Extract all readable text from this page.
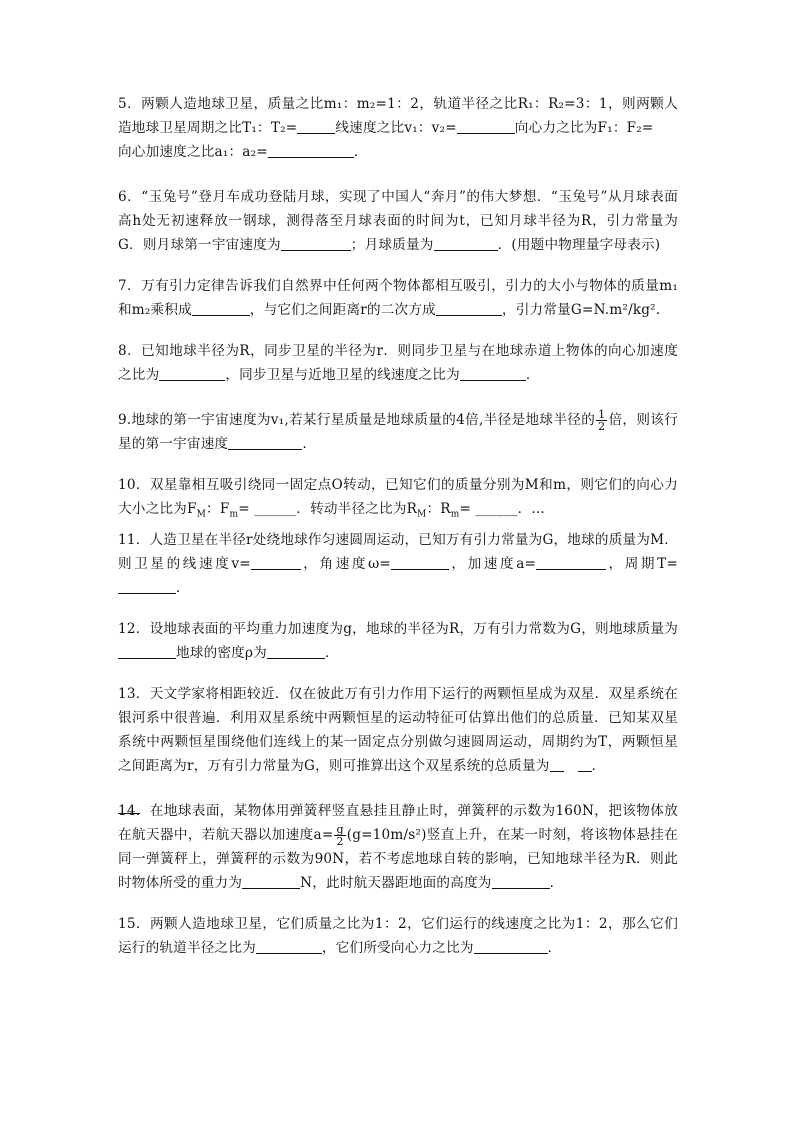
5．两颗人造地球卫星，质量之比m₁：m₂=1：2，轨道半径之比R₁：R₂=3：1，则两颗人造地球卫星周期之比T₁：T₂=	线速度之比v₁：v₂=	向心力之比为F₁：F₂=
向心加速度之比a₁：a₂=	．

6．“玉兔号”登月车成功登陆月球，实现了中国人“奔月”的伟大梦想．“玉兔号”从月球表面高h处无初速释放一钢球，测得落至月球表面的时间为t，已知月球半径为R，引力常量为G．则月球第一宇宙速度为	；月球质量为	．(用题中物理量字母表示)

7．万有引力定律告诉我们自然界中任何两个物体都相互吸引，引力的大小与物体的质量m₁和m₂乘积成	，与它们之间距离r的二次方成	，引力常量G=N.m²/kg².

8．已知地球半径为R，同步卫星的半径为r．则同步卫星与在地球赤道上物体的向心加速度之比为	，同步卫星与近地卫星的线速度之比为	．

9.地球的第一宇宙速度为v₁,若某行星质量是地球质量的4倍,半径是地球半径的 $\frac{1}{2}$ 倍，则该行星的第一宇宙速度	.

10．双星靠相互吸引绕同一固定点O转动，已知它们的质量分别为M和m，则它们的向心力大小之比为$F_M$：$F_m=$ ______．转动半径之比为$R_M$：$R_m=$ ______．...

11．人造卫星在半径r处绕地球作匀速圆周运动，已知万有引力常量为G，地球的质量为M．则卫星的线速度v=	，角速度ω=	，加速度a=	，周期T=．

12．设地球表面的平均重力加速度为g，地球的半径为R，万有引力常数为G，则地球质量为地球的密度ρ为	．

13．天文学家将相距较近．仅在彼此万有引力作用下运行的两颗恒星成为双星．双星系统在银河系中很普遍．利用双星系统中两颗恒星的运动特征可估算出他们的总质量．已知某双星系统中两颗恒星围绕他们连线上的某一固定点分别做匀速圆周运动，周期约为T，两颗恒星之间距离为r，万有引力常量为G，则可推算出这个双星系统的总质量为	．

14．在地球表面，某物体用弹簧秤竖直悬挂且静止时，弹簧秤的示数为160N，把该物体放在航天器中，若航天器以加速度$a= \frac{g}{2} (g=10m/s^2)$竖直上升，在某一时刻，将该物体悬挂在同一弹簧秤上，弹簧秤的示数为90N，若不考虑地球自转的影响，已知地球半径为R．则此时物体所受的重力为	N，此时航天器距地面的高度为	．

15．两颗人造地球卫星，它们质量之比为1：2，它们运行的线速度之比为1：2，那么它们运行的轨道半径之比为	，它们所受向心力之比为	．
